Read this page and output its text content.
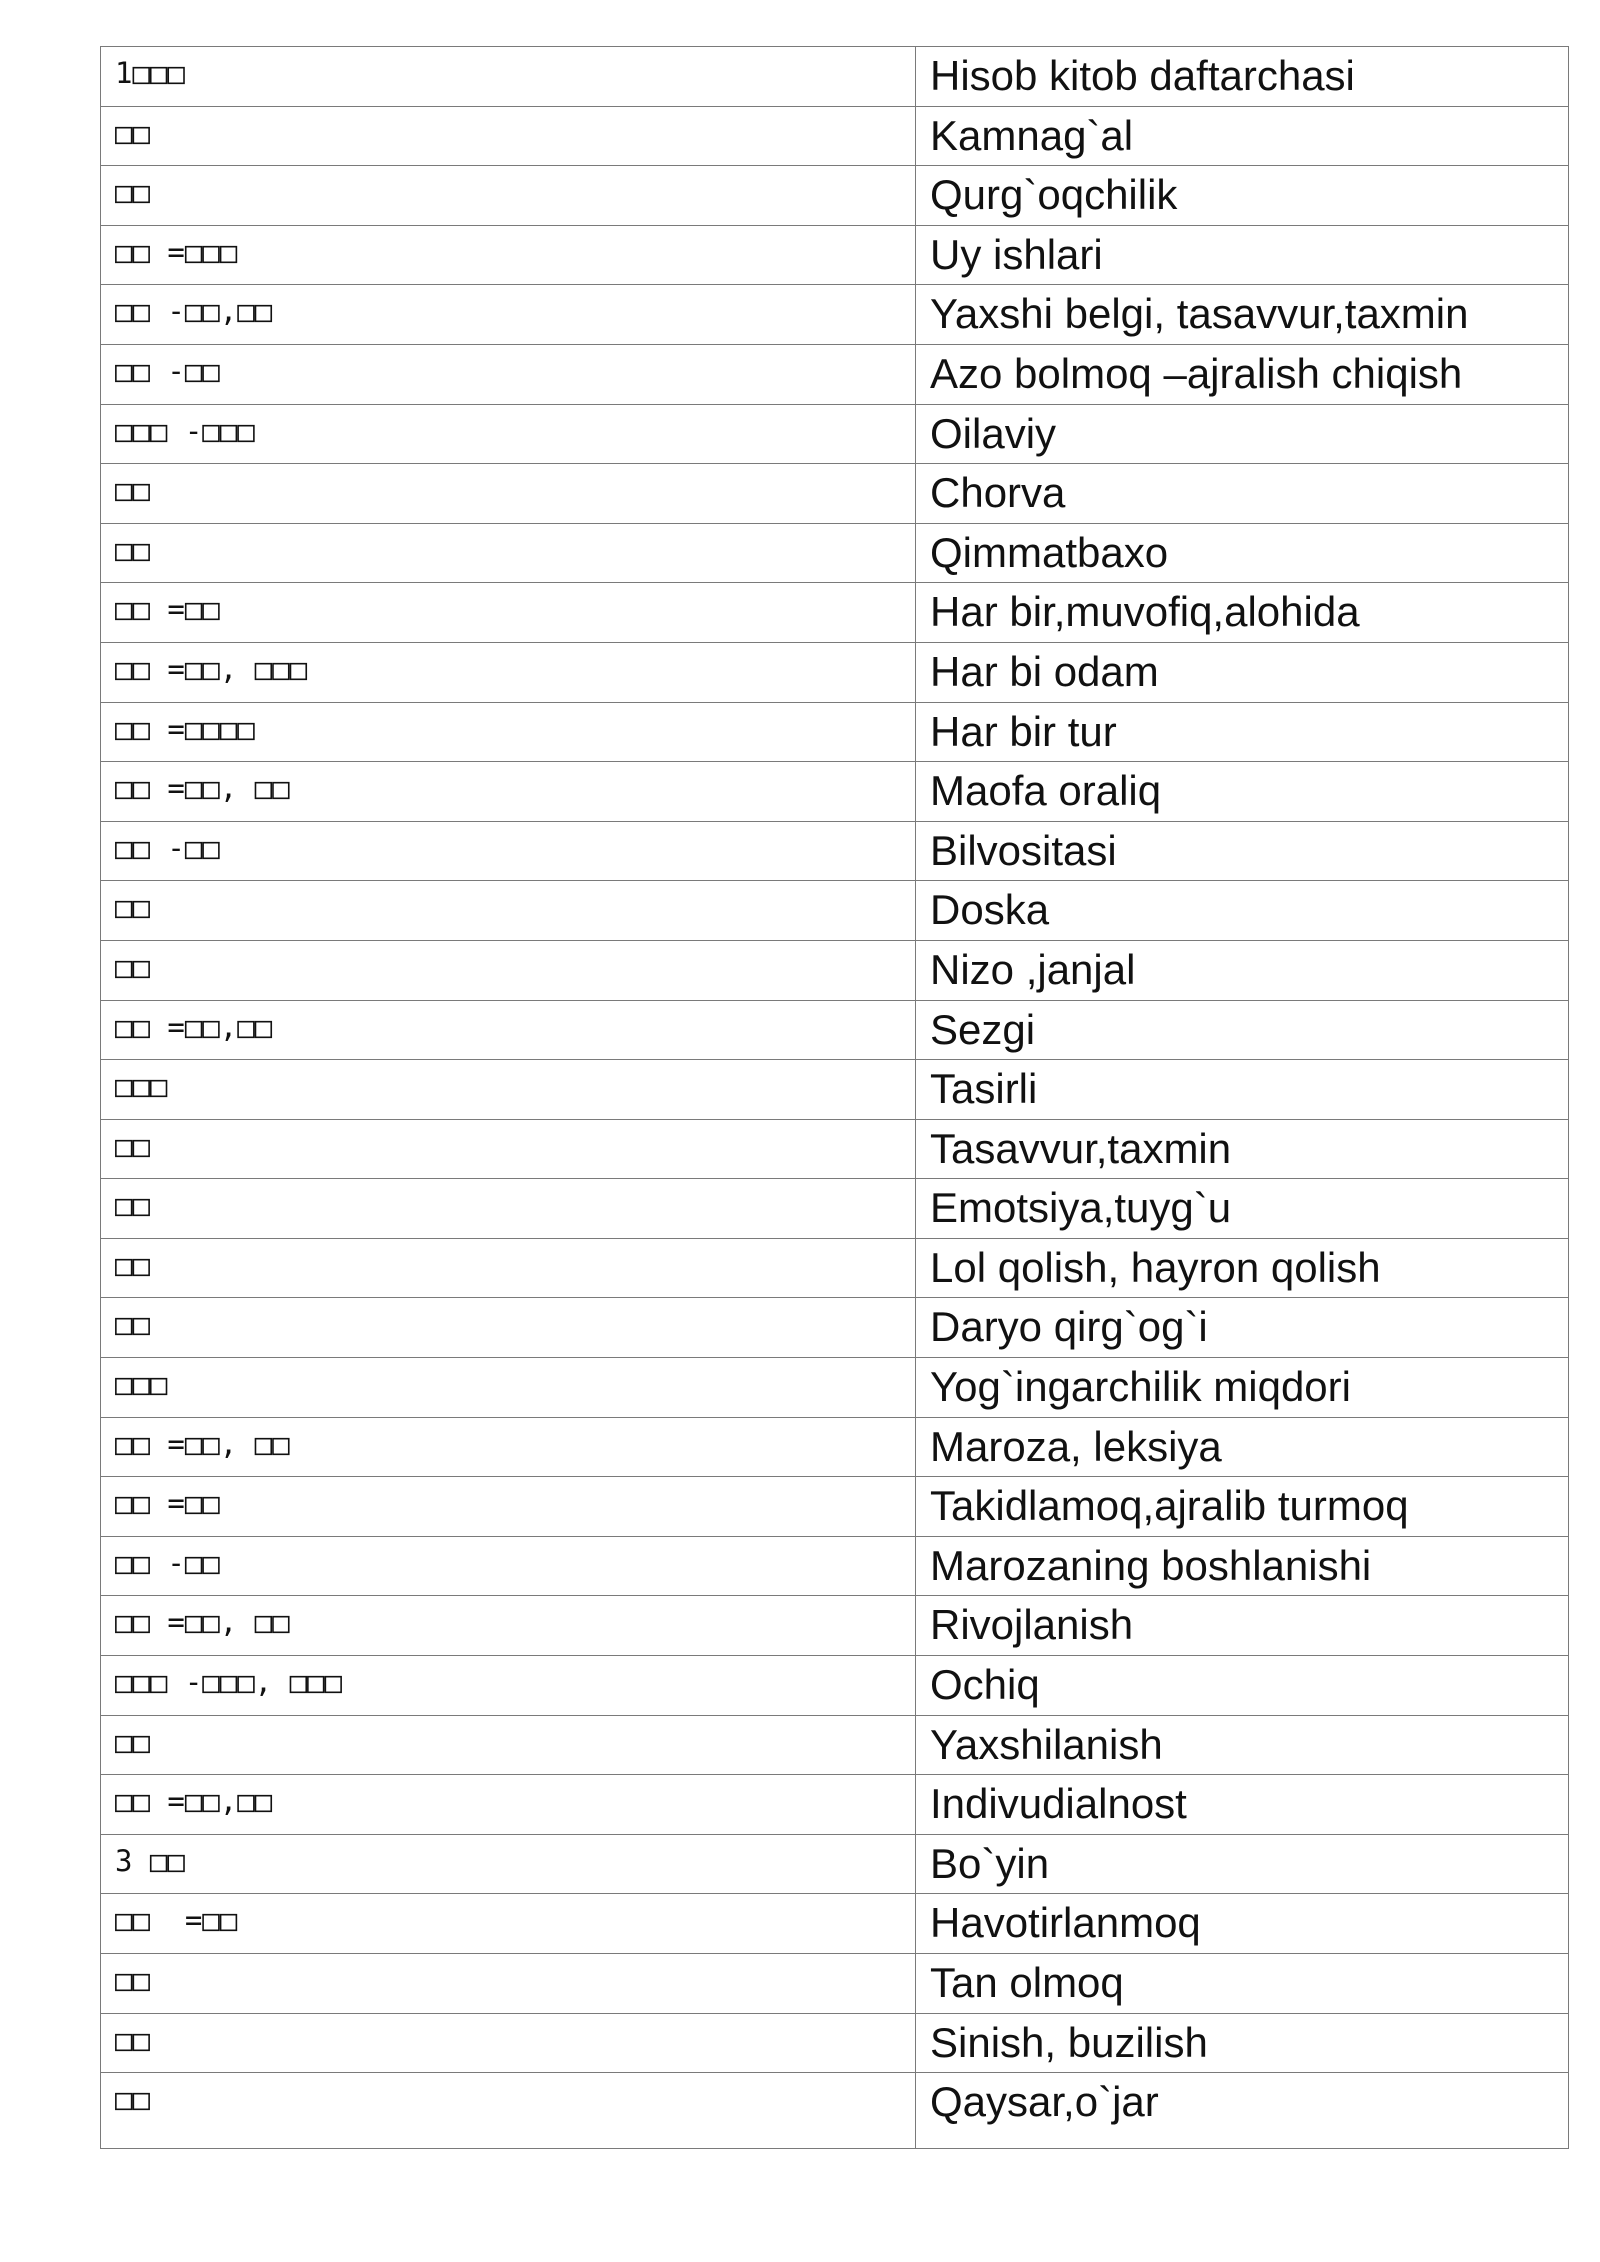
1□□□	Hisob kitob daftarchasi

□□	Kamnag`al

□□	Qurg`oqchilik

□□ =□□□	Uy ishlari

□□ -□□,□□	Yaxshi belgi, tasavvur,taxmin

□□ -□□	Azo bolmoq –ajralish chiqish

□□□ -□□□	Oilaviy

□□	Chorva

□□	Qimmatbaxo

□□ =□□	Har bir,muvofiq,alohida

□□ =□□, □□□	Har bi odam

□□ =□□□□	Har bir tur

□□ =□□, □□	Maofa oraliq

□□ -□□	Bilvositasi

□□	Doska

□□	Nizo ,janjal

□□ =□□,□□	Sezgi

□□□	Tasirli

□□	Tasavvur,taxmin

□□	Emotsiya,tuyg`u

□□	Lol qolish, hayron qolish

□□	Daryo qirg`og`i

□□□	Yog`ingarchilik miqdori

□□ =□□, □□	Maroza, leksiya

□□ =□□	Takidlamoq,ajralib turmoq

□□ -□□	Marozaning boshlanishi

□□ =□□, □□	Rivojlanish

□□□ -□□□, □□□	Ochiq

□□	Yaxshilanish

□□ =□□,□□	Indivudialnost

3 □□	Bo`yin

□□  =□□	Havotirlanmoq

□□	Tan olmoq

□□	Sinish, buzilish

□□	Qaysar,o`jar
